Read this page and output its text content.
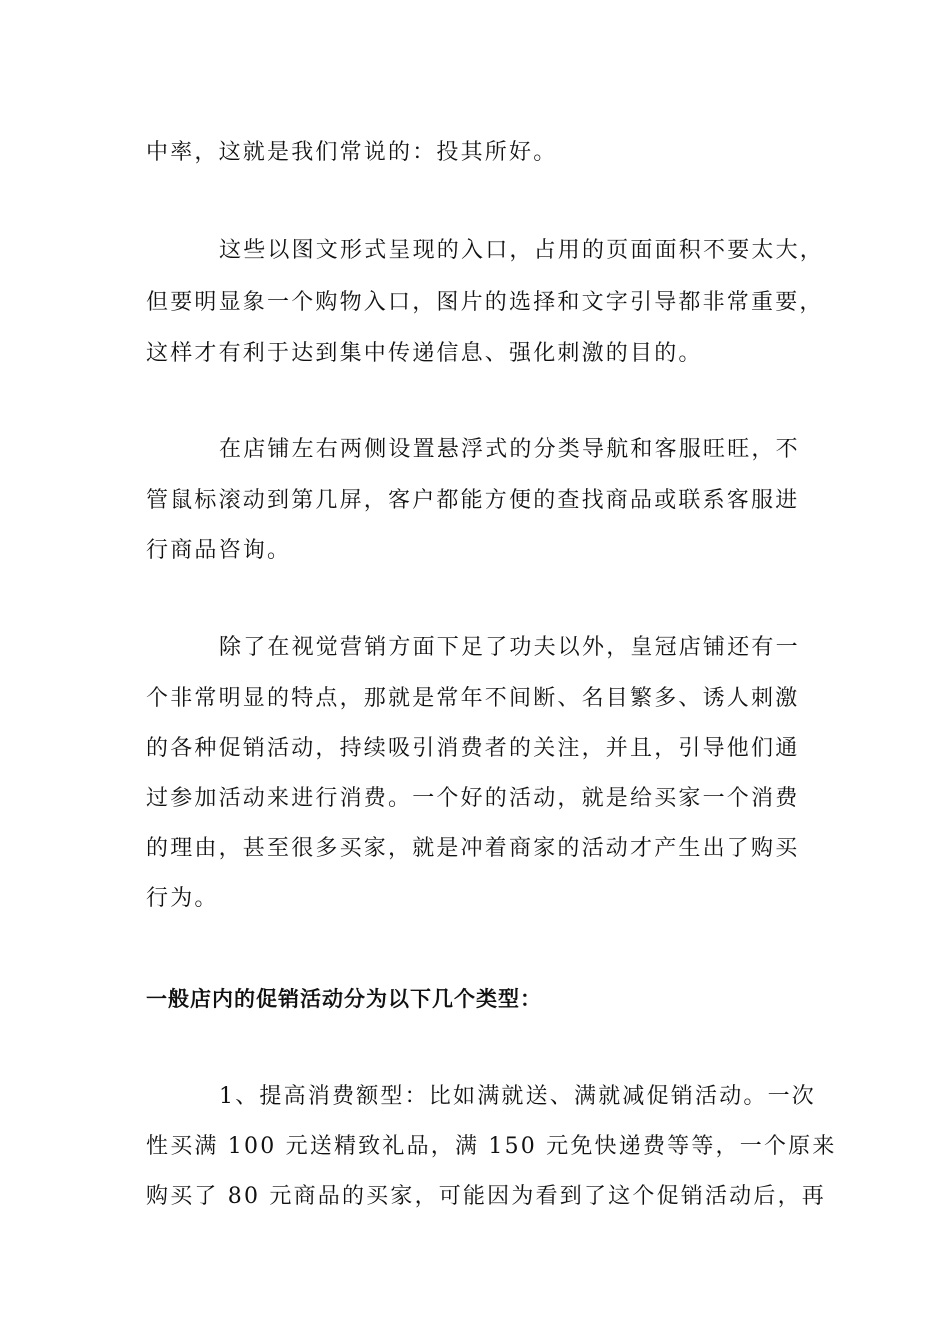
中率，这就是我们常说的：投其所好。
这些以图文形式呈现的入口，占用的页面面积不要太大，
但要明显象一个购物入口，图片的选择和文字引导都非常重要，
这样才有利于达到集中传递信息、强化刺激的目的。
在店铺左右两侧设置悬浮式的分类导航和客服旺旺，不
管鼠标滚动到第几屏，客户都能方便的查找商品或联系客服进
行商品咨询。
除了在视觉营销方面下足了功夫以外，皇冠店铺还有一
个非常明显的特点，那就是常年不间断、名目繁多、诱人刺激
的各种促销活动，持续吸引消费者的关注，并且，引导他们通
过参加活动来进行消费。一个好的活动，就是给买家一个消费
的理由，甚至很多买家，就是冲着商家的活动才产生出了购买
行为。
一般店内的促销活动分为以下几个类型：
1、提高消费额型：比如满就送、满就减促销活动。一次
性买满 100 元送精致礼品，满 150 元免快递费等等，一个原来
购买了 80 元商品的买家，可能因为看到了这个促销活动后，再
